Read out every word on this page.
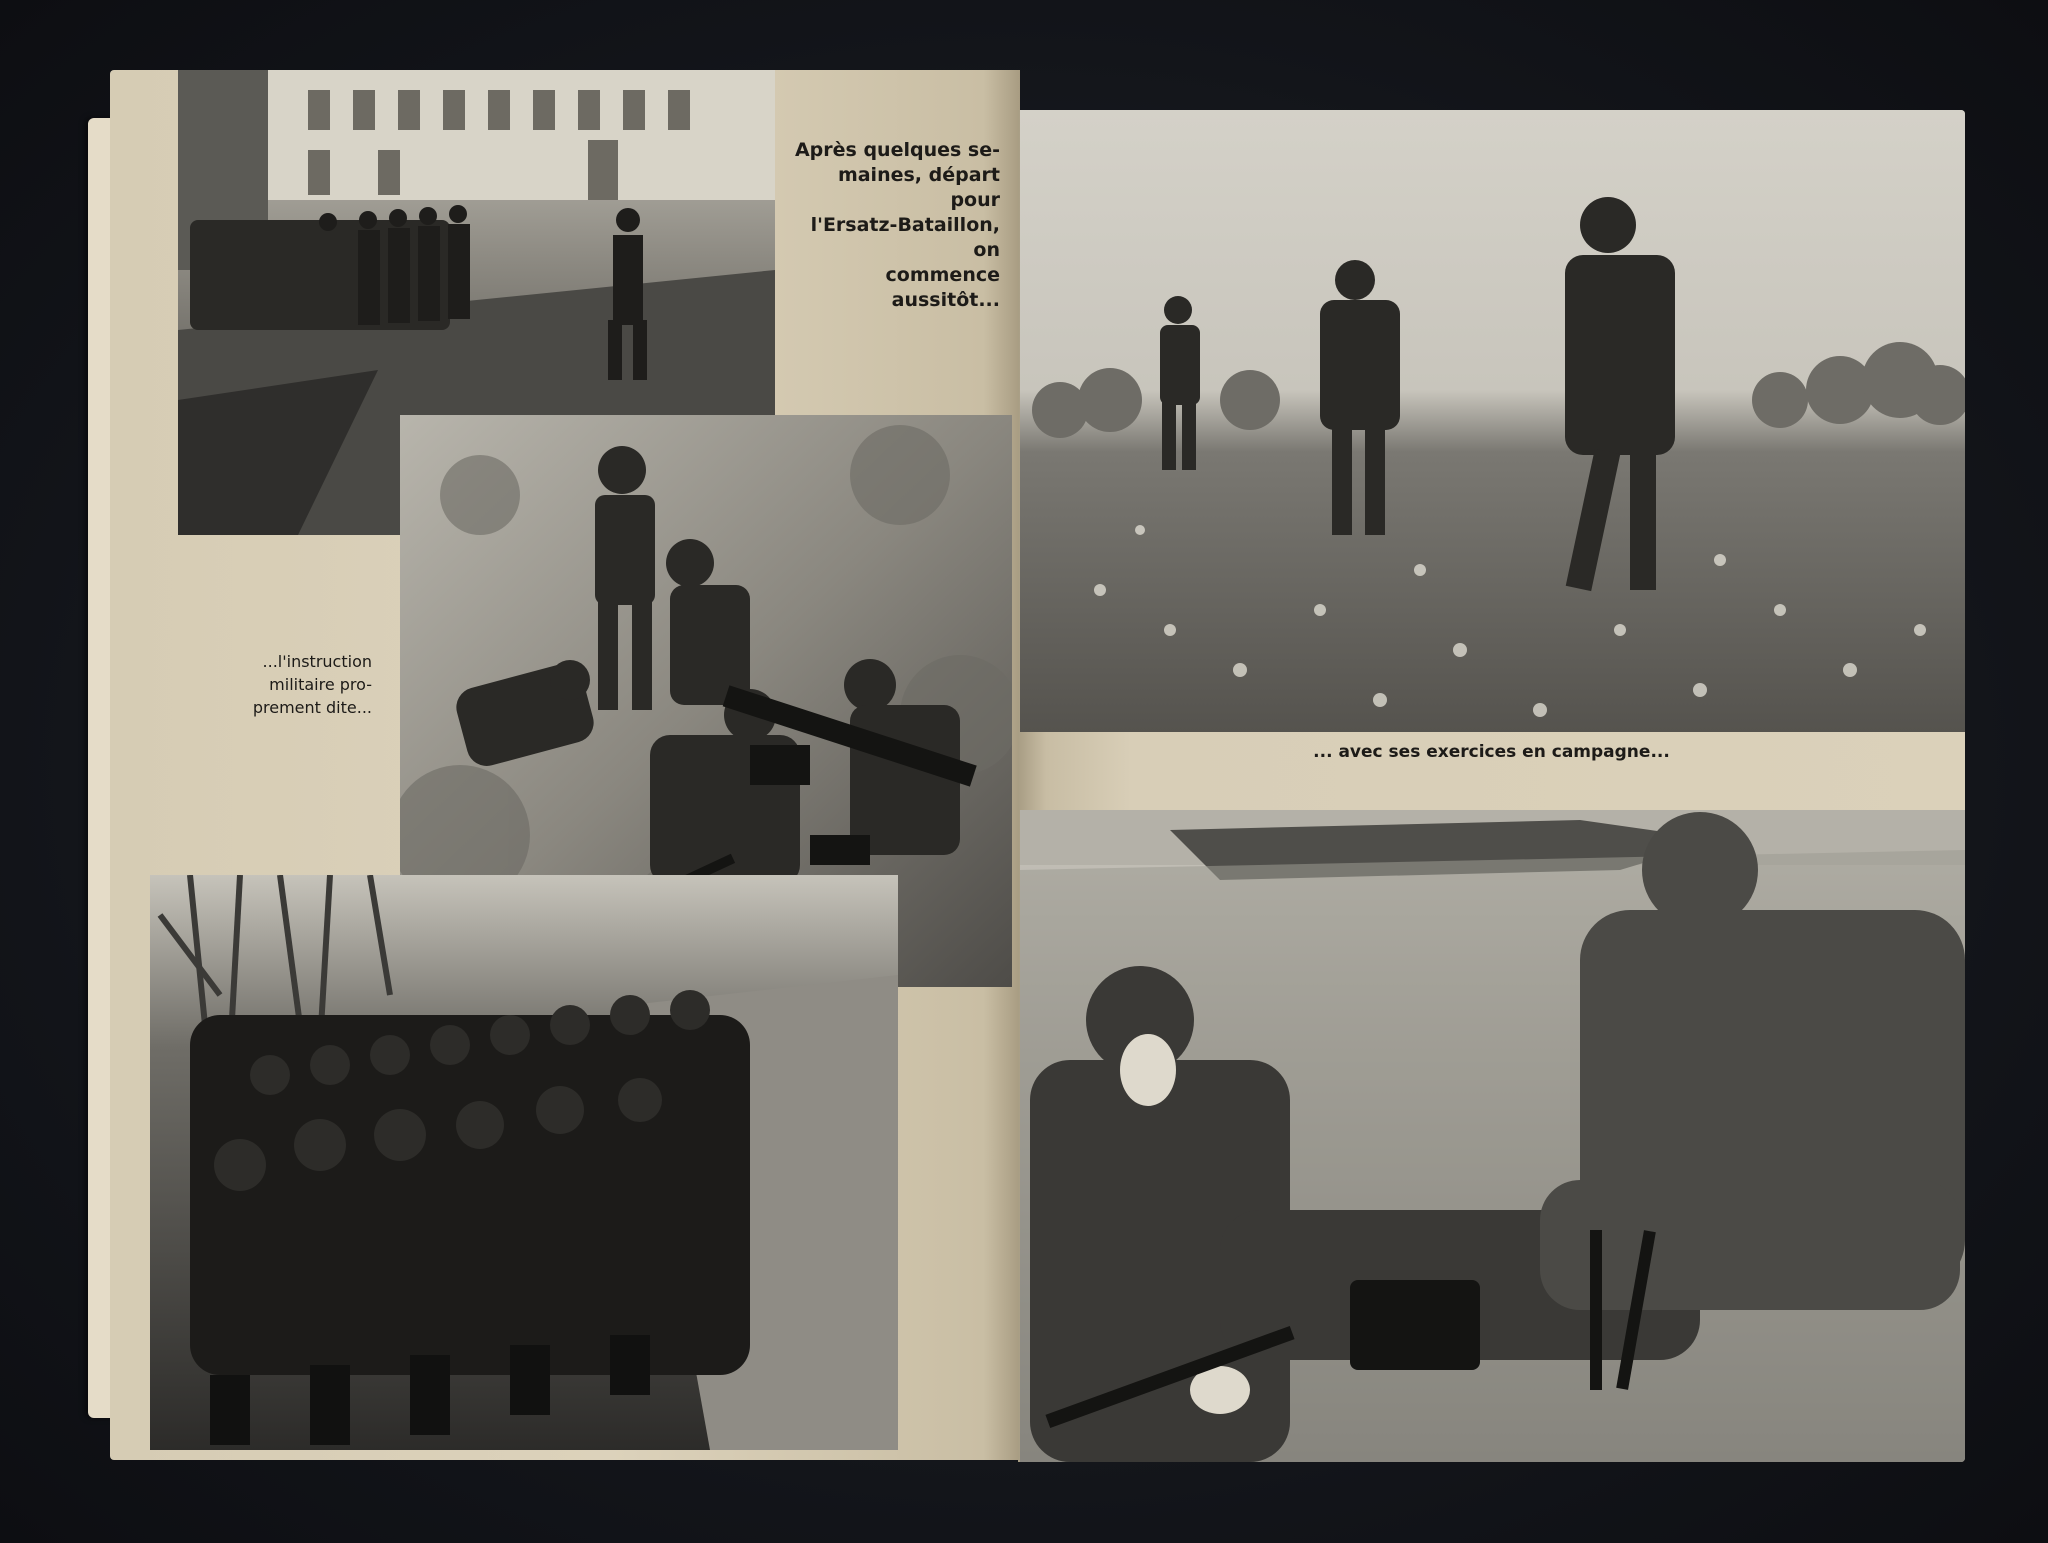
Après quelques se-
maines, départ pour
l'Ersatz-Bataillon, on
commence aussitôt...
...l'instruction
militaire pro-
prement dite...
... avec ses exercices en campagne...
